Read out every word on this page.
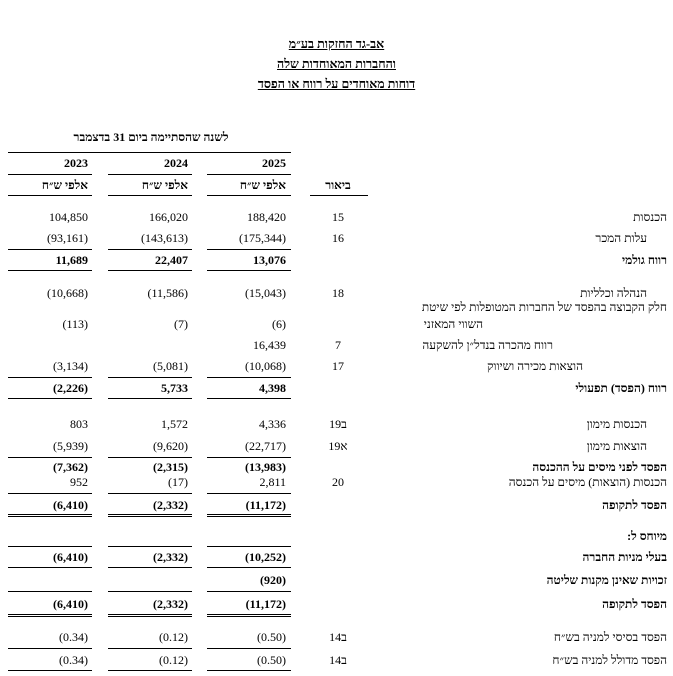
אב-גד החזקות בע״מ
והחברות המאוחדות שלה
דוחות מאוחדים על רווח או הפסד
לשנה שהסתיימה ביום 31 בדצמבר
2025
2024
2023
אלפי ש״ח
אלפי ש״ח
אלפי ש״ח	ביאור
הכנסות
15
188,420
166,020
104,850
עלות המכר
16
(175,344)
(143,613)
(93,161)
רווח גולמי
13,076
22,407
11,689
הנהלה וכלליות
18
(15,043)
(11,586)
(10,668)
חלק הקבוצה בהפסד של החברות המטופלות לפי שיטת
השווי המאזני
(6)
(7)
(113)
רווח מהכרה בנדל״ן להשקעה
7
16,439
הוצאות מכירה ושיווק
17
(10,068)
(5,081)
(3,134)
רווח (הפסד) תפעולי
4,398
5,733
(2,226)
הכנסות מימון
19ב
4,336
1,572
803
הוצאות מימון
19א
(22,717)
(9,620)
(5,939)
הפסד לפני מיסים על ההכנסה
(13,983)
(2,315)
(7,362)
הכנסות (הוצאות) מיסים על הכנסה
20
2,811
(17)
952
הפסד לתקופה
(11,172)
(2,332)
(6,410)
מיוחס ל:
בעלי מניות החברה
(10,252)
(2,332)
(6,410)
זכויות שאינן מקנות שליטה
(920)
הפסד לתקופה
(11,172)
(2,332)
(6,410)
הפסד בסיסי למניה בש״ח
14ב
(0.50)
(0.12)
(0.34)
הפסד מדולל למניה בש״ח
14ב
(0.50)
(0.12)
(0.34)
